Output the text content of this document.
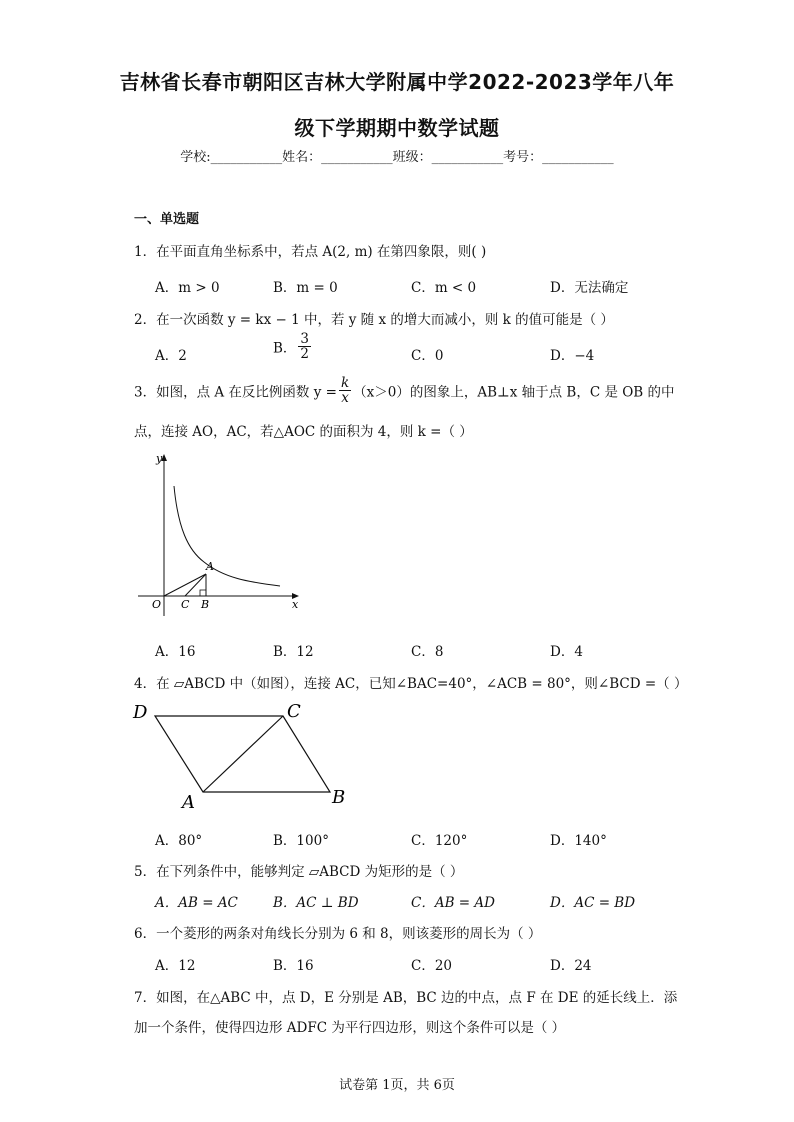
吉林省长春市朝阳区吉林大学附属中学2022-2023学年八年
级下学期期中数学试题
学校:___________姓名：___________班级：___________考号：___________
一、单选题
1．在平面直角坐标系中，若点 A(2, m) 在第四象限，则( )
A．m > 0	B．m = 0	C．m < 0	D．无法确定
2．在一次函数 y = kx − 1 中，若 y 随 x 的增大而减小，则 k 的值可能是（ ）
A．2	B． $\frac{3}{2}$	C．0	D．−4
3．如图，点 A 在反比例函数 $y = \frac{k}{x} (x>0)$的图象上，AB⊥x 轴于点 B，C 是 OB 的中
点，连接 AO，AC，若△AOC 的面积为 4，则 k =（ ）
y
x
O C B
A
A．16	B．12	C．8	D．4
4．在 ▱ABCD 中（如图），连接 AC，已知∠BAC=40°，∠ACB = 80°，则∠BCD =（ ）
D	C
A	B
A．80°	B．100°	C．120°	D．140°
5．在下列条件中，能够判定 ▱ABCD 为矩形的是（ ）
A．AB = AC	B．AC ⊥ BD	C．AB = AD	D．AC = BD
6．一个菱形的两条对角线长分别为 6 和 8，则该菱形的周长为（ ）
A．12	B．16	C．20	D．24
7．如图，在△ABC 中，点 D，E 分别是 AB，BC 边的中点，点 F 在 DE 的延长线上．添
加一个条件，使得四边形 ADFC 为平行四边形，则这个条件可以是（ ）
试卷第 1页，共 6页
